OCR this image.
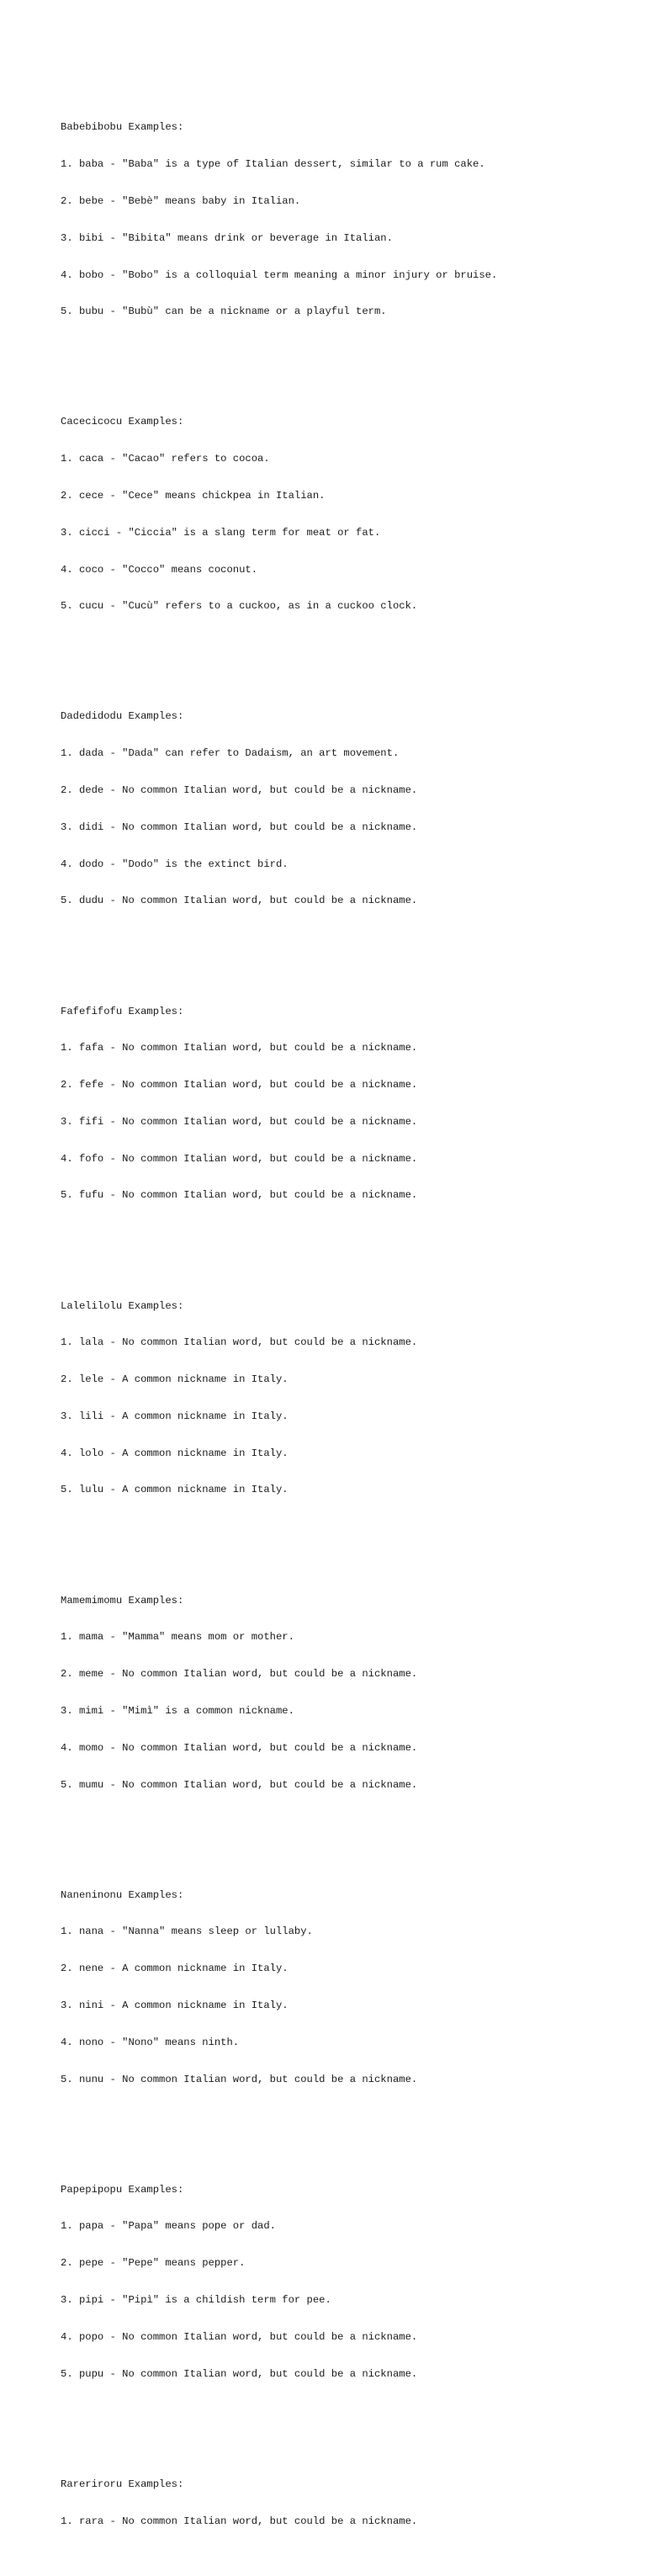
Babebibobu Examples:

1. baba - "Baba" is a type of Italian dessert, similar to a rum cake.

2. bebe - "Bebè" means baby in Italian.

3. bibi - "Bibita" means drink or beverage in Italian.

4. bobo - "Bobo" is a colloquial term meaning a minor injury or bruise.

5. bubu - "Bubù" can be a nickname or a playful term.

Cacecicocu Examples:

1. caca - "Cacao" refers to cocoa.

2. cece - "Cece" means chickpea in Italian.

3. cicci - "Ciccia" is a slang term for meat or fat.

4. coco - "Cocco" means coconut.

5. cucu - "Cucù" refers to a cuckoo, as in a cuckoo clock.

Dadedidodu Examples:

1. dada - "Dada" can refer to Dadaism, an art movement.

2. dede - No common Italian word, but could be a nickname.

3. didi - No common Italian word, but could be a nickname.

4. dodo - "Dodo" is the extinct bird.

5. dudu - No common Italian word, but could be a nickname.

Fafefifofu Examples:

1. fafa - No common Italian word, but could be a nickname.

2. fefe - No common Italian word, but could be a nickname.

3. fifi - No common Italian word, but could be a nickname.

4. fofo - No common Italian word, but could be a nickname.

5. fufu - No common Italian word, but could be a nickname.

Lalelilolu Examples:

1. lala - No common Italian word, but could be a nickname.

2. lele - A common nickname in Italy.

3. lili - A common nickname in Italy.

4. lolo - A common nickname in Italy.

5. lulu - A common nickname in Italy.

Mamemimomu Examples:

1. mama - "Mamma" means mom or mother.

2. meme - No common Italian word, but could be a nickname.

3. mimi - "Mimì" is a common nickname.

4. momo - No common Italian word, but could be a nickname.

5. mumu - No common Italian word, but could be a nickname.

Naneninonu Examples:

1. nana - "Nanna" means sleep or lullaby.

2. nene - A common nickname in Italy.

3. nini - A common nickname in Italy.

4. nono - "Nono" means ninth.

5. nunu - No common Italian word, but could be a nickname.

Papepipopu Examples:

1. papa - "Papa" means pope or dad.

2. pepe - "Pepe" means pepper.

3. pipi - "Pipì" is a childish term for pee.

4. popo - No common Italian word, but could be a nickname.

5. pupu - No common Italian word, but could be a nickname.

Rareriroru Examples:

1. rara - No common Italian word, but could be a nickname.
